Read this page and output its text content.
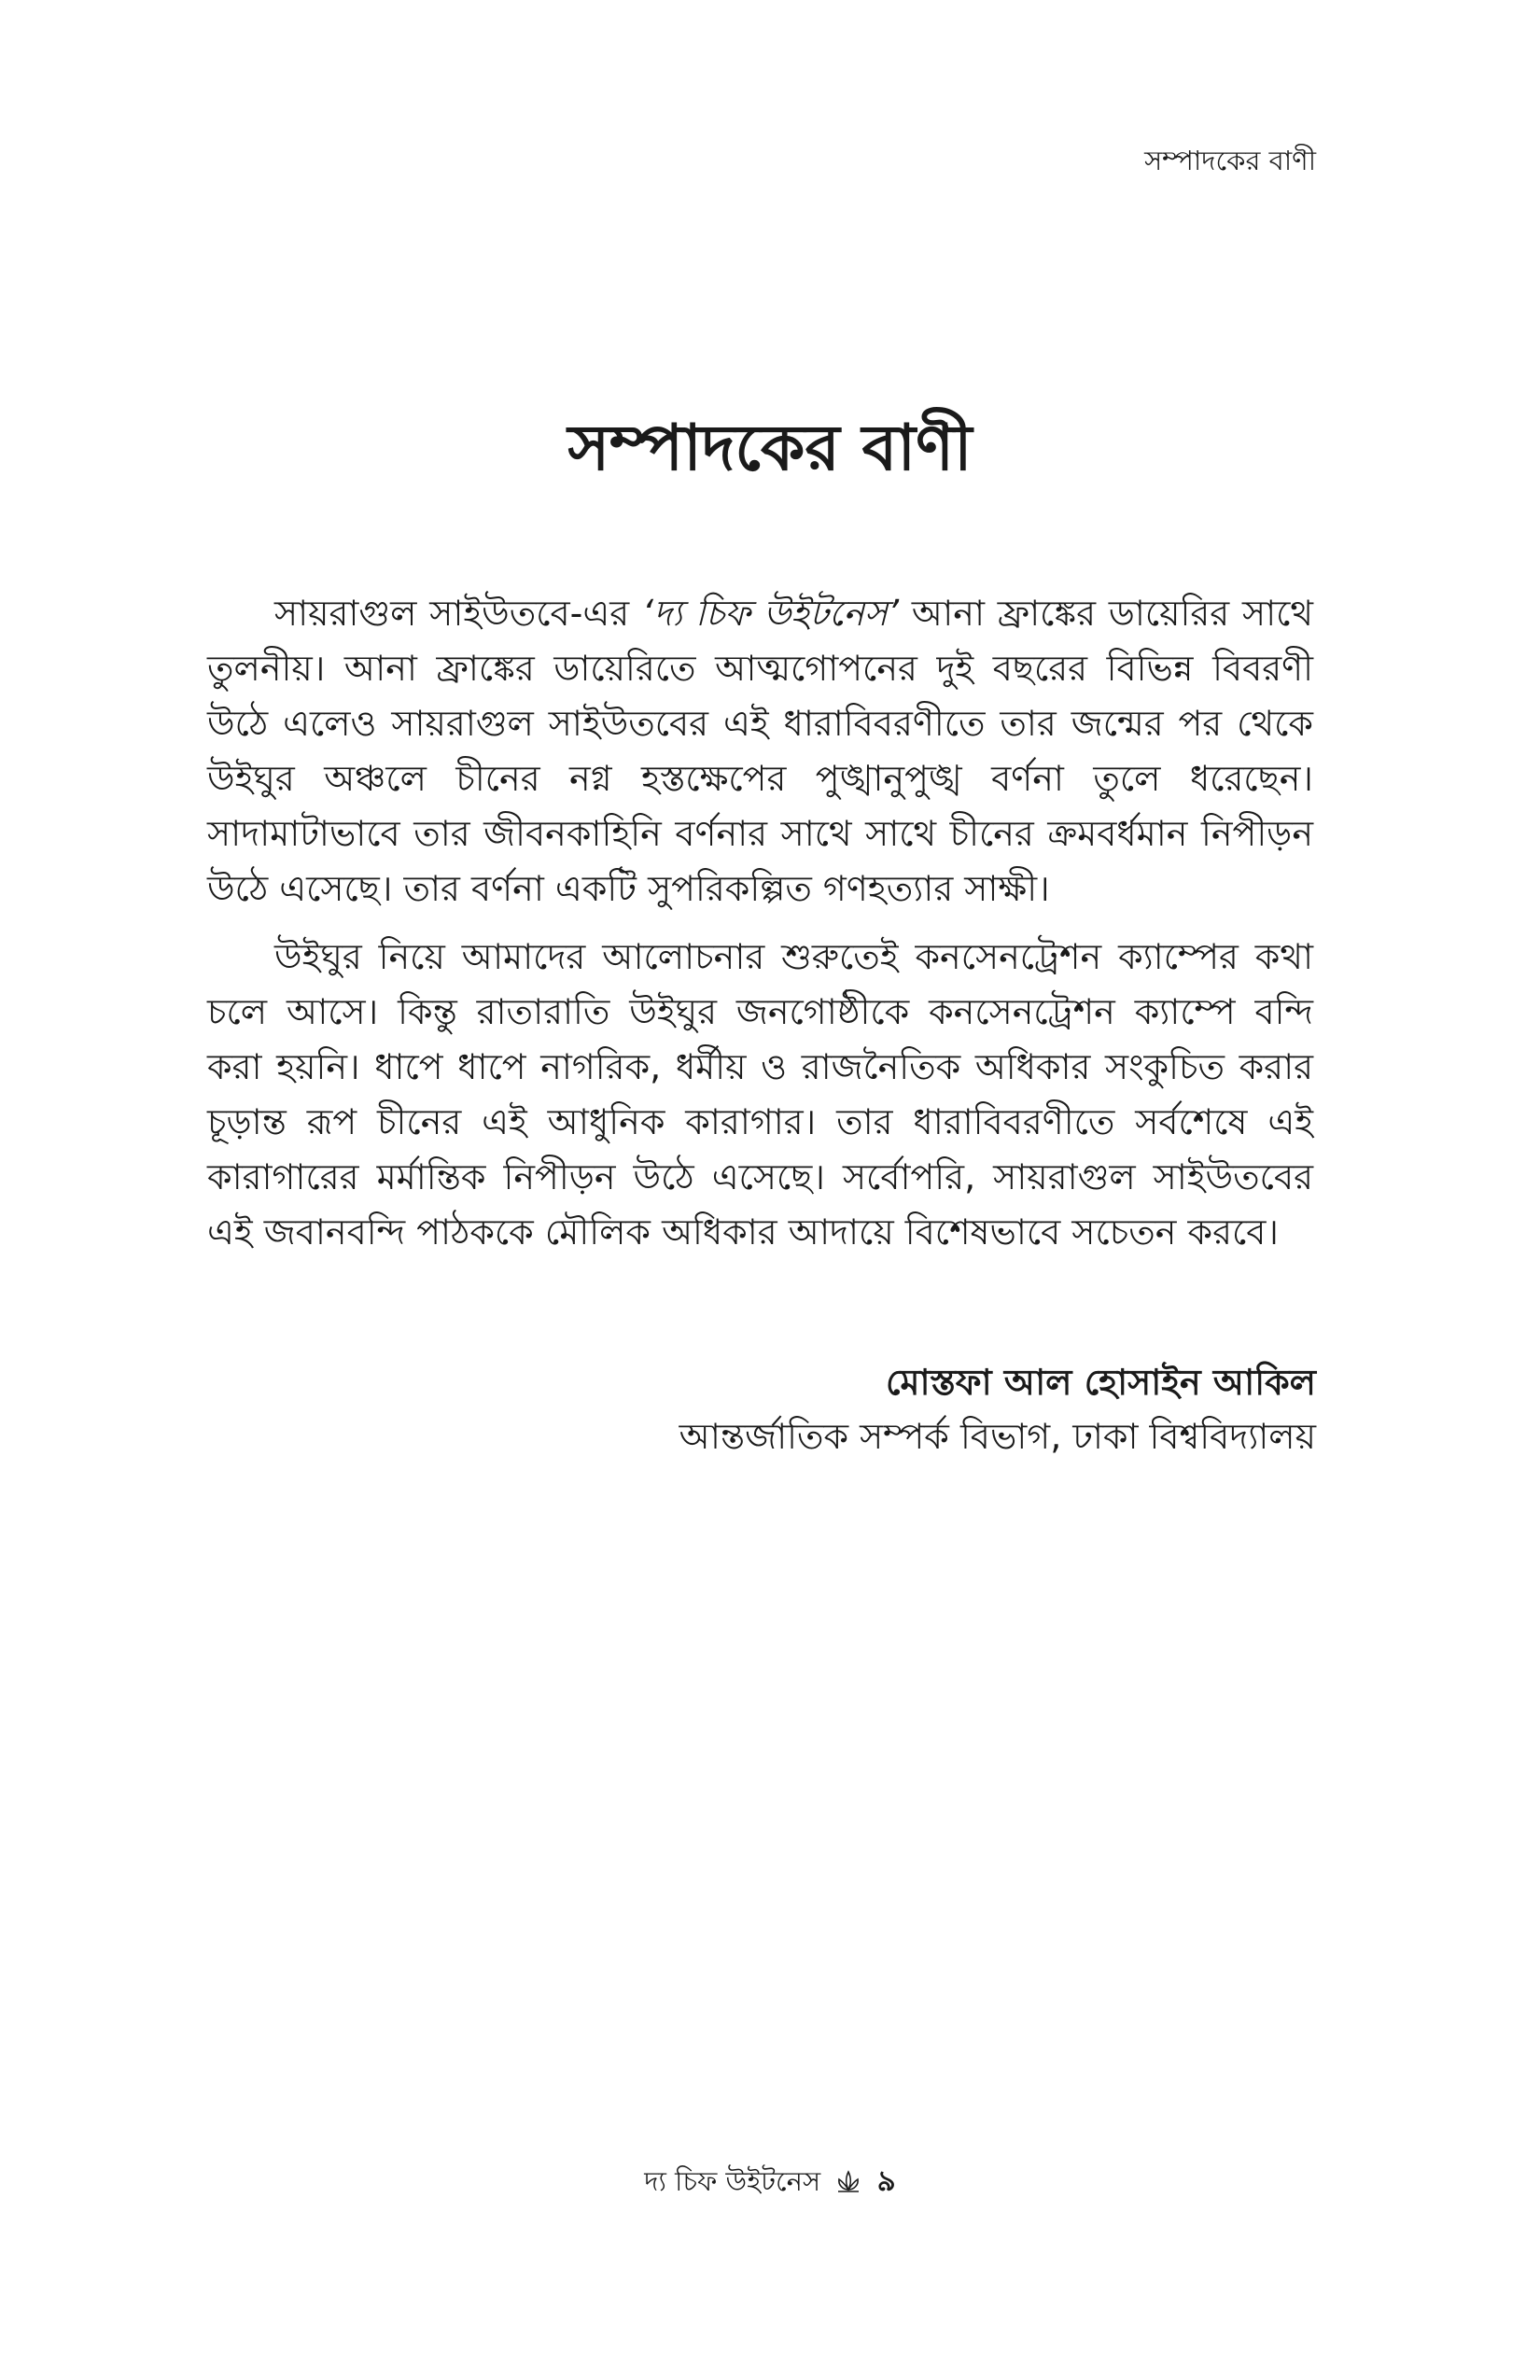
সম্পাদকের বাণী
সম্পাদকের বাণী

সায়রাগুল সাইউতবে-এর ‘দ্য চিফ উইটনেস’ আনা ফ্রাঙ্কের ডায়েরির সাথে তুলনীয়। আনা ফ্রাঙ্কের ডায়েরিতে আত্মগোপনের দুই বছরের বিভিন্ন বিবরণী উঠে এলেও সায়রাগুল সাইউতবের এই ধারাবিবরণীতে তার জন্মের পর থেকে উইঘুর অঞ্চলে চীনের নগ্ন হস্তক্ষেপের পুঙ্খানুপুঙ্খ বর্ণনা তুলে ধরেছেন। সাদামাটাভাবে তার জীবনকাহিনি বর্ণনার সাথে সাথে চীনের ক্রমবর্ধমান নিপীড়ন উঠে এসেছে। তার বর্ণনা একটি সুপরিকল্পিত গণহত্যার সাক্ষী।

উইঘুর নিয়ে আমাদের আলোচনার শুরুতেই কনসেনট্রেশন ক্যাম্পের কথা চলে আসে। কিন্তু রাতারাতি উইঘুর জনগোষ্ঠীকে কনসেনট্রেশন ক্যাম্পে বন্দি করা হয়নি। ধাপে ধাপে নাগরিক, ধর্মীয় ও রাজনৈতিক অধিকার সংকুচিত করার চূড়ান্ত রূপ চীনের এই আধুনিক কারাগার। তার ধারাবিবরণীতে সর্বশেষে এই কারাগারের মর্মান্তিক নিপীড়ন উঠে এসেছে। সর্বোপরি, সায়রাগুল সাইউতবের এই জবানবন্দি পাঠককে মৌলিক অধিকার আদায়ে বিশেষভাবে সচেতন করবে।

মোস্তফা আল হোসাইন আকিল
আন্তর্জাতিক সম্পর্ক বিভাগ, ঢাকা বিশ্ববিদ্যালয়
দ্য চিফ উইটনেস ৯
